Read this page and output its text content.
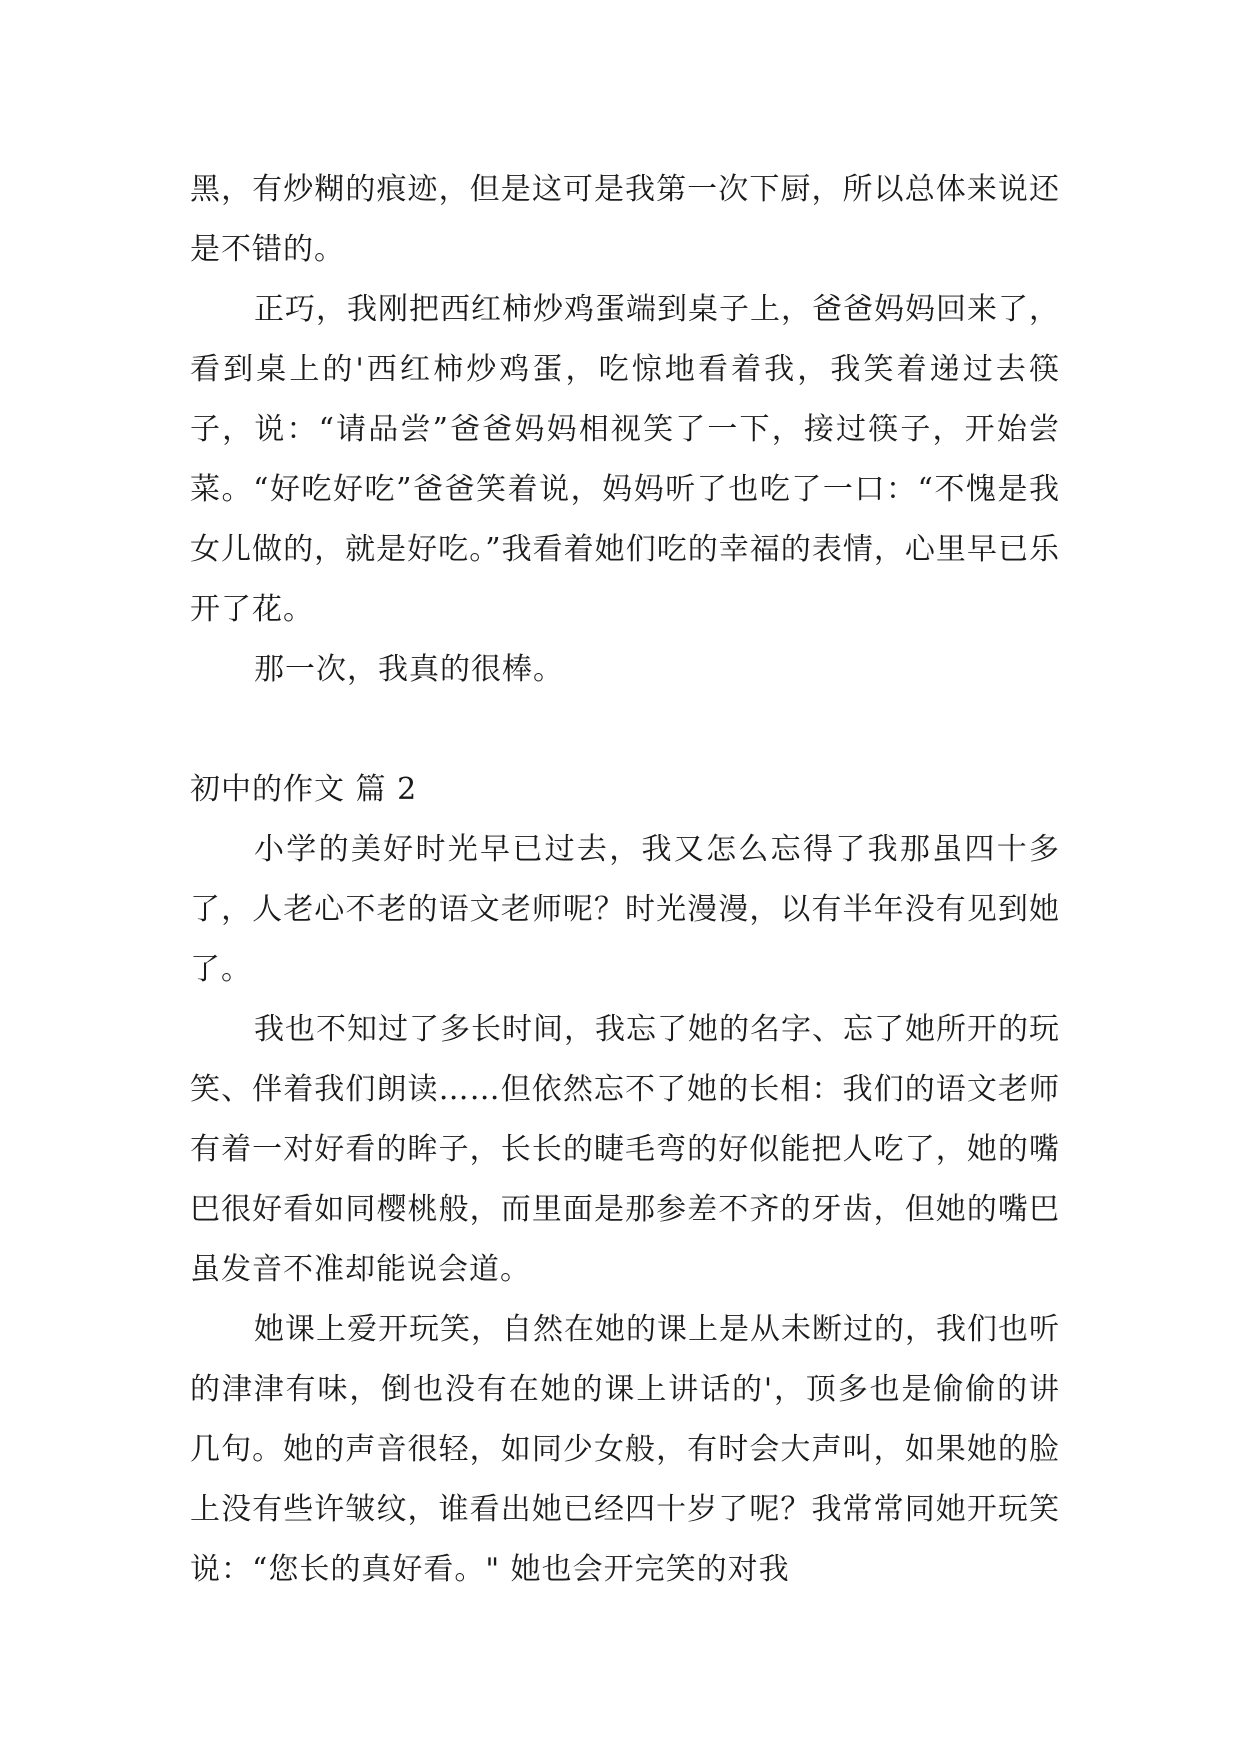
黑，有炒糊的痕迹，但是这可是我第一次下厨，所以总体来说还是不错的。

正巧，我刚把西红柿炒鸡蛋端到桌子上，爸爸妈妈回来了，看到桌上的'西红柿炒鸡蛋，吃惊地看着我，我笑着递过去筷子，说：“请品尝”爸爸妈妈相视笑了一下，接过筷子，开始尝菜。“好吃好吃”爸爸笑着说，妈妈听了也吃了一口：“不愧是我女儿做的，就是好吃。”我看着她们吃的幸福的表情，心里早已乐开了花。

那一次，我真的很棒。

初中的作文 篇 2

小学的美好时光早已过去，我又怎么忘得了我那虽四十多了，人老心不老的语文老师呢？时光漫漫，以有半年没有见到她了。

我也不知过了多长时间，我忘了她的名字、忘了她所开的玩笑、伴着我们朗读……但依然忘不了她的长相：我们的语文老师有着一对好看的眸子，长长的睫毛弯的好似能把人吃了，她的嘴巴很好看如同樱桃般，而里面是那参差不齐的牙齿，但她的嘴巴虽发音不准却能说会道。

她课上爱开玩笑，自然在她的课上是从未断过的，我们也听的津津有味，倒也没有在她的课上讲话的'，顶多也是偷偷的讲几句。她的声音很轻，如同少女般，有时会大声叫，如果她的脸上没有些许皱纹，谁看出她已经四十岁了呢？我常常同她开玩笑说：“您长的真好看。" 她也会开完笑的对我
